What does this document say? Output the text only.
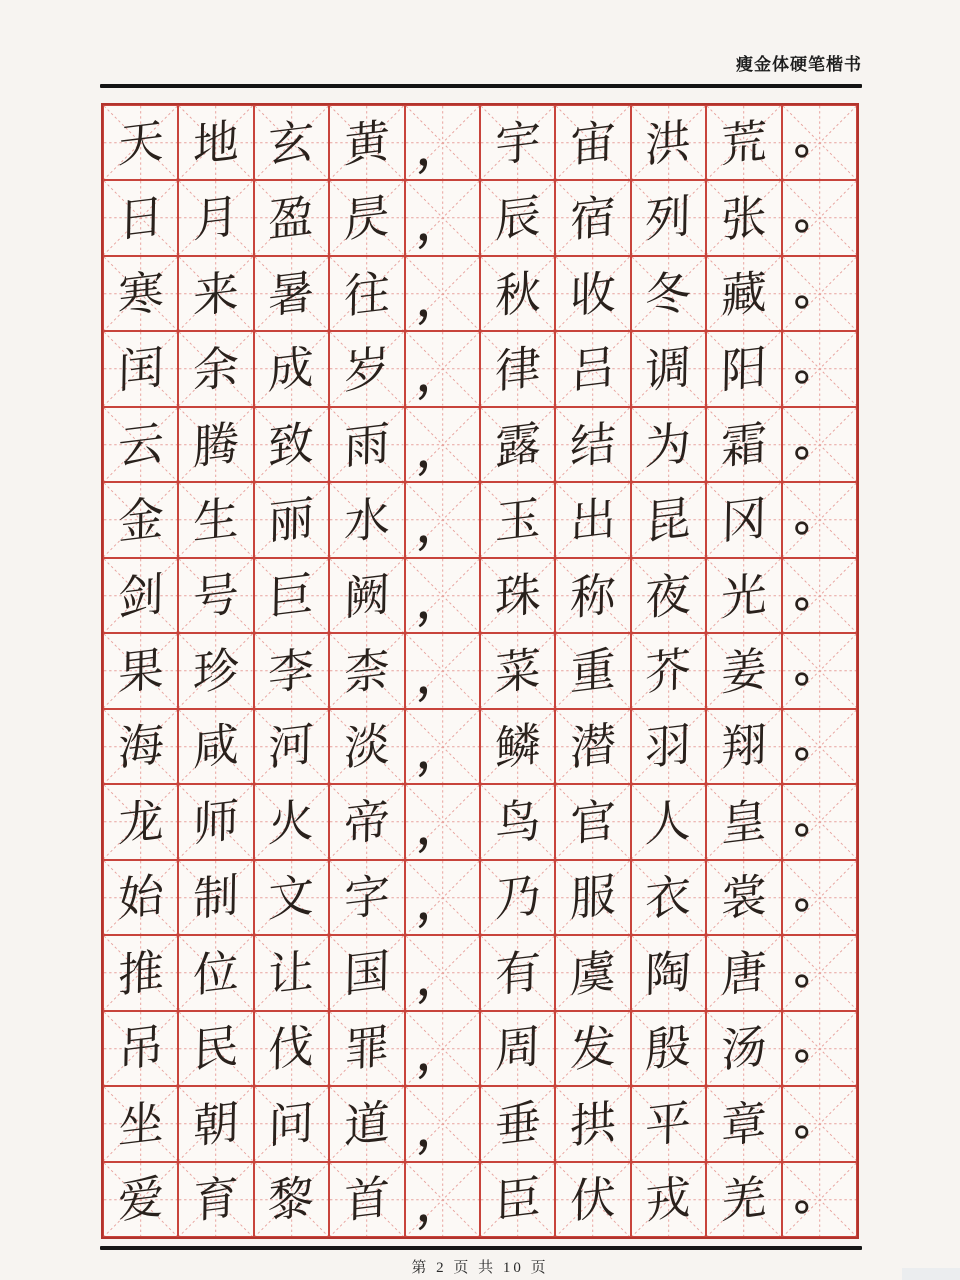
瘦金体硬笔楷书
天 地 玄 黄 ， 宇 宙 洪 荒 。
日 月 盈 昃 ， 辰 宿 列 张 。
寒 来 暑 往 ， 秋 收 冬 藏 。
闰 余 成 岁 ， 律 吕 调 阳 。
云 腾 致 雨 ， 露 结 为 霜 。
金 生 丽 水 ， 玉 出 昆 冈 。
剑 号 巨 阙 ， 珠 称 夜 光 。
果 珍 李 柰 ， 菜 重 芥 姜 。
海 咸 河 淡 ， 鳞 潜 羽 翔 。
龙 师 火 帝 ， 鸟 官 人 皇 。
始 制 文 字 ， 乃 服 衣 裳 。
推 位 让 国 ， 有 虞 陶 唐 。
吊 民 伐 罪 ， 周 发 殷 汤 。
坐 朝 问 道 ， 垂 拱 平 章 。
爱 育 黎 首 ， 臣 伏 戎 羌 。
第 2 页 共 10 页
